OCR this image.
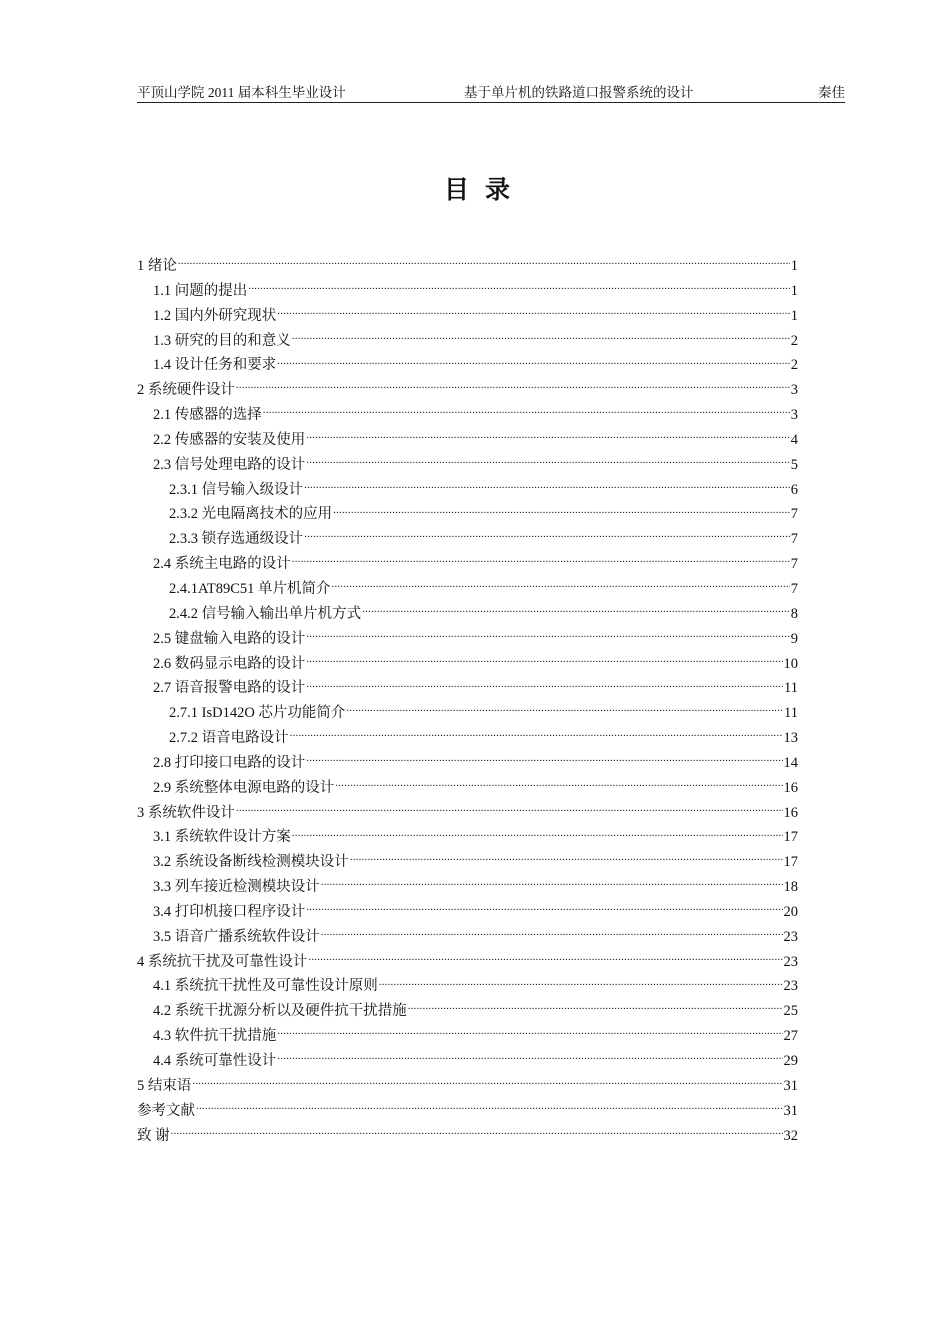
平顶山学院 2011 届本科生毕业设计	基于单片机的铁路道口报警系统的设计	秦佳
目录
1 绪论 .....	1
1.1 问题的提出 .....	1
1.2 国内外研究现状 .....	1
1.3 研究的目的和意义 .....	2
1.4 设计任务和要求 .....	2
2 系统硬件设计 .....	3
2.1 传感器的选择 .....	3
2.2 传感器的安装及使用 .....	4
2.3 信号处理电路的设计 .....	5
2.3.1 信号输入级设计 .....	6
2.3.2 光电隔离技术的应用 .....	7
2.3.3 锁存选通级设计 .....	7
2.4 系统主电路的设计 .....	7
2.4.1AT89C51 单片机简介 .....	7
2.4.2 信号输入输出单片机方式 .....	8
2.5 键盘输入电路的设计 .....	9
2.6 数码显示电路的设计 .....	10
2.7 语音报警电路的设计 .....	11
2.7.1 IsD142O 芯片功能简介 .....	11
2.7.2 语音电路设计 .....	13
2.8 打印接口电路的设计 .....	14
2.9 系统整体电源电路的设计 .....	16
3 系统软件设计 .....	16
3.1 系统软件设计方案 .....	17
3.2 系统设备断线检测模块设计 .....	17
3.3 列车接近检测模块设计 .....	18
3.4 打印机接口程序设计 .....	20
3.5 语音广播系统软件设计 .....	23
4 系统抗干扰及可靠性设计 .....	23
4.1 系统抗干扰性及可靠性设计原则 .....	23
4.2 系统干扰源分析以及硬件抗干扰措施 .....	25
4.3 软件抗干扰措施 .....	27
4.4 系统可靠性设计 .....	29
5 结束语 .....	31
参考文献 .....	31
致 谢 .....	32
